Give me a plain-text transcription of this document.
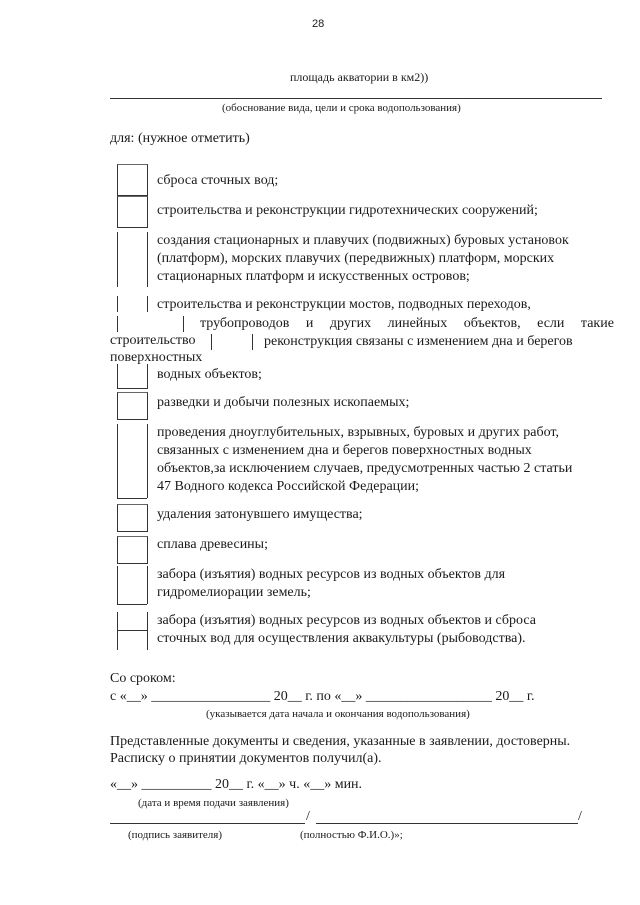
28
площадь акватории в км2))
(обоснование вида, цели и срока водопользования)
для: (нужное отметить)
сброса сточных вод;
строительства и реконструкции гидротехнических сооружений;
создания стационарных и плавучих (подвижных) буровых установок
(платформ), морских плавучих (передвижных) платформ, морских
стационарных платформ и искусственных островов;
строительства и реконструкции мостов, подводных переходов,
трубопроводов и других линейных объектов, если такие
строительство	реконструкция связаны с изменением дна и берегов поверхностных
водных объектов;
разведки и добычи полезных ископаемых;
проведения дноуглубительных, взрывных, буровых и других работ,
связанных с изменением дна и берегов поверхностных водных
объектов,за исключением случаев, предусмотренных частью 2 статьи
47 Водного кодекса Российской Федерации;
удаления затонувшего имущества;
сплава древесины;
забора (изъятия) водных ресурсов из водных объектов для
гидромелиорации земель;
забора (изъятия) водных ресурсов из водных объектов и сброса
сточных вод для осуществления аквакультуры (рыбоводства).
Со сроком:
с «__» _________________ 20__ г. по «__» __________________ 20__ г.
(указывается дата начала и окончания водопользования)
Представленные документы и сведения, указанные в заявлении, достоверны.
Расписку о принятии документов получил(а).
«__» __________ 20__ г. «__» ч. «__» мин.
(дата и время подачи заявления)
/	/
(подпись заявителя)	(полностью Ф.И.О.)»;
